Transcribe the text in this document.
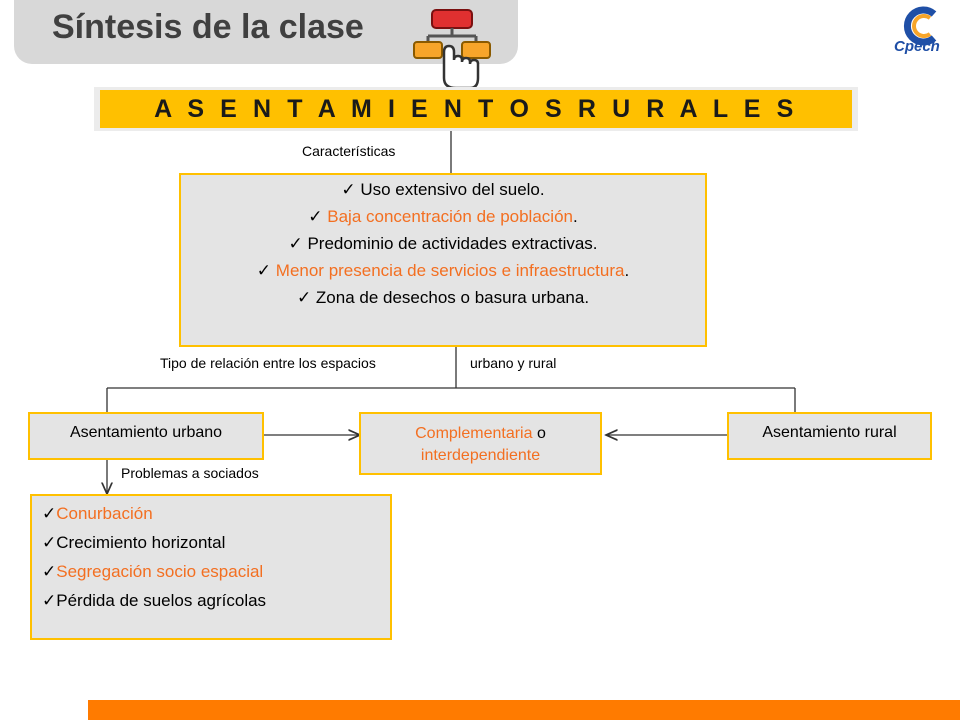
Síntesis de la clase
Cpech
A S E N T A M I E N T O S R U R A L E S
Características
✓ Uso extensivo del suelo.
✓ Baja concentración de población.
✓ Predominio de actividades extractivas.
✓ Menor presencia de servicios e infraestructura.
✓ Zona de desechos o basura urbana.
Tipo de relación entre los espacios	urbano y rural
Asentamiento urbano	Complementaria o
interdependiente
Asentamiento rural
Problemas a sociados
✓Conurbación
✓Crecimiento horizontal
✓Segregación socio espacial
✓Pérdida de suelos agrícolas
